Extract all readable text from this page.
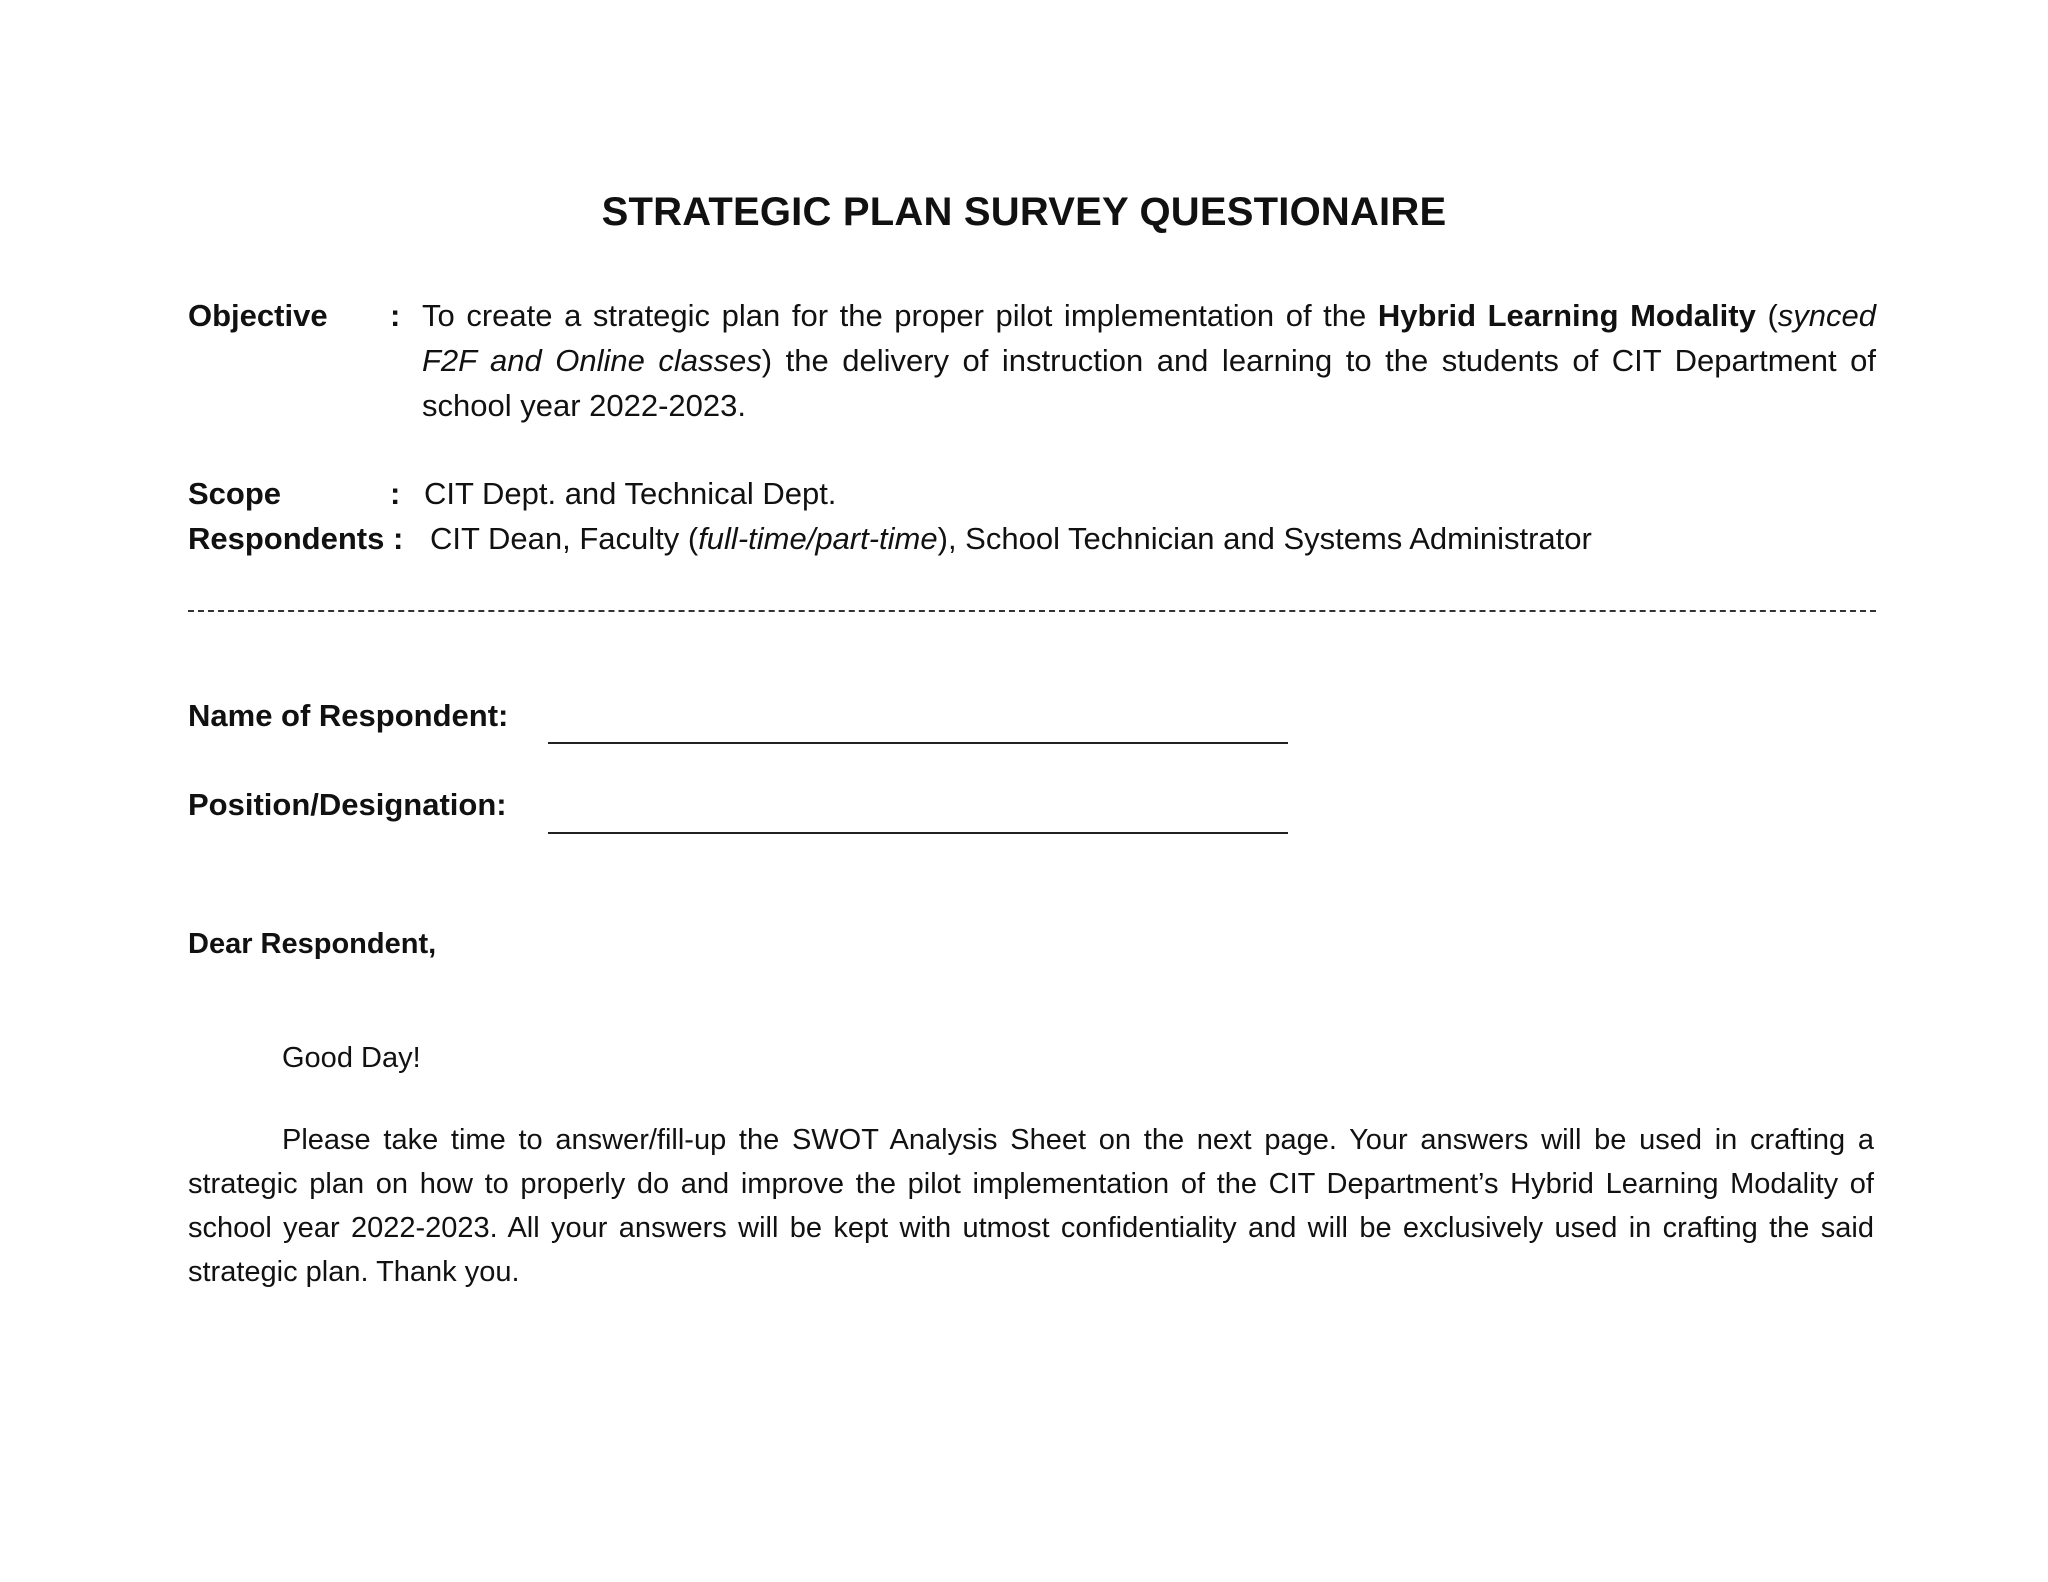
STRATEGIC PLAN SURVEY QUESTIONAIRE
Objective : To create a strategic plan for the proper pilot implementation of the Hybrid Learning Modality (synced F2F and Online classes) the delivery of instruction and learning to the students of CIT Department of school year 2022-2023.
Scope	: CIT Dept. and Technical Dept.
Respondents : CIT Dean, Faculty (full-time/part-time), School Technician and Systems Administrator
Name of Respondent:
Position/Designation:
Dear Respondent,
Good Day!
Please take time to answer/fill-up the SWOT Analysis Sheet on the next page. Your answers will be used in crafting a strategic plan on how to properly do and improve the pilot implementation of the CIT Department’s Hybrid Learning Modality of school year 2022-2023. All your answers will be kept with utmost confidentiality and will be exclusively used in crafting the said strategic plan. Thank you.
